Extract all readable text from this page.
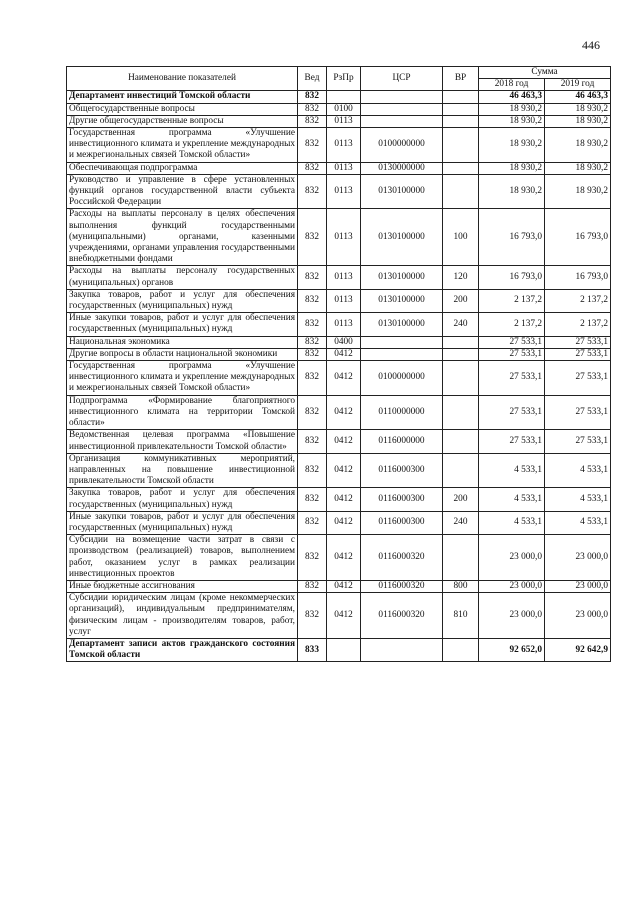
446
Наименование показателей	Вед	РзПр	ЦСР	ВР	Сумма	
					2018 год	2019 год
Департамент инвестиций Томской области	832				46 463,3	46 463,3
Общегосударственные вопросы	832	0100			18 930,2	18 930,2
Другие общегосударственные вопросы	832	0113			18 930,2	18 930,2
Государственная программа «Улучшение инвестиционного климата и укрепление международных и межрегиональных связей Томской области»	832	0113	0100000000		18 930,2	18 930,2
Обеспечивающая подпрограмма	832	0113	0130000000		18 930,2	18 930,2
Руководство и управление в сфере установленных функций органов государственной власти субъекта Российской Федерации	832	0113	0130100000		18 930,2	18 930,2
Расходы на выплаты персоналу в целях обеспечения выполнения функций государственными (муниципальными) органами, казенными учреждениями, органами управления государственными внебюджетными фондами	832	0113	0130100000	100	16 793,0	16 793,0
Расходы на выплаты персоналу государственных (муниципальных) органов	832	0113	0130100000	120	16 793,0	16 793,0
Закупка товаров, работ и услуг для обеспечения государственных (муниципальных) нужд	832	0113	0130100000	200	2 137,2	2 137,2
Иные закупки товаров, работ и услуг для обеспечения государственных (муниципальных) нужд	832	0113	0130100000	240	2 137,2	2 137,2
Национальная экономика	832	0400			27 533,1	27 533,1
Другие вопросы в области национальной экономики	832	0412			27 533,1	27 533,1
Государственная программа «Улучшение инвестиционного климата и укрепление международных и межрегиональных связей Томской области»	832	0412	0100000000		27 533,1	27 533,1
Подпрограмма «Формирование благоприятного инвестиционного климата на территории Томской области»	832	0412	0110000000		27 533,1	27 533,1
Ведомственная целевая программа «Повышение инвестиционной привлекательности Томской области»	832	0412	0116000000		27 533,1	27 533,1
Организация коммуникативных мероприятий, направленных на повышение инвестиционной привлекательности Томской области	832	0412	0116000300		4 533,1	4 533,1
Закупка товаров, работ и услуг для обеспечения государственных (муниципальных) нужд	832	0412	0116000300	200	4 533,1	4 533,1
Иные закупки товаров, работ и услуг для обеспечения государственных (муниципальных) нужд	832	0412	0116000300	240	4 533,1	4 533,1
Субсидии на возмещение части затрат в связи с производством (реализацией) товаров, выполнением работ, оказанием услуг в рамках реализации инвестиционных проектов	832	0412	0116000320		23 000,0	23 000,0
Иные бюджетные ассигнования	832	0412	0116000320	800	23 000,0	23 000,0
Субсидии юридическим лицам (кроме некоммерческих организаций), индивидуальным предпринимателям, физическим лицам - производителям товаров, работ, услуг	832	0412	0116000320	810	23 000,0	23 000,0
Департамент записи актов гражданского состояния Томской области	833				92 652,0	92 642,9
